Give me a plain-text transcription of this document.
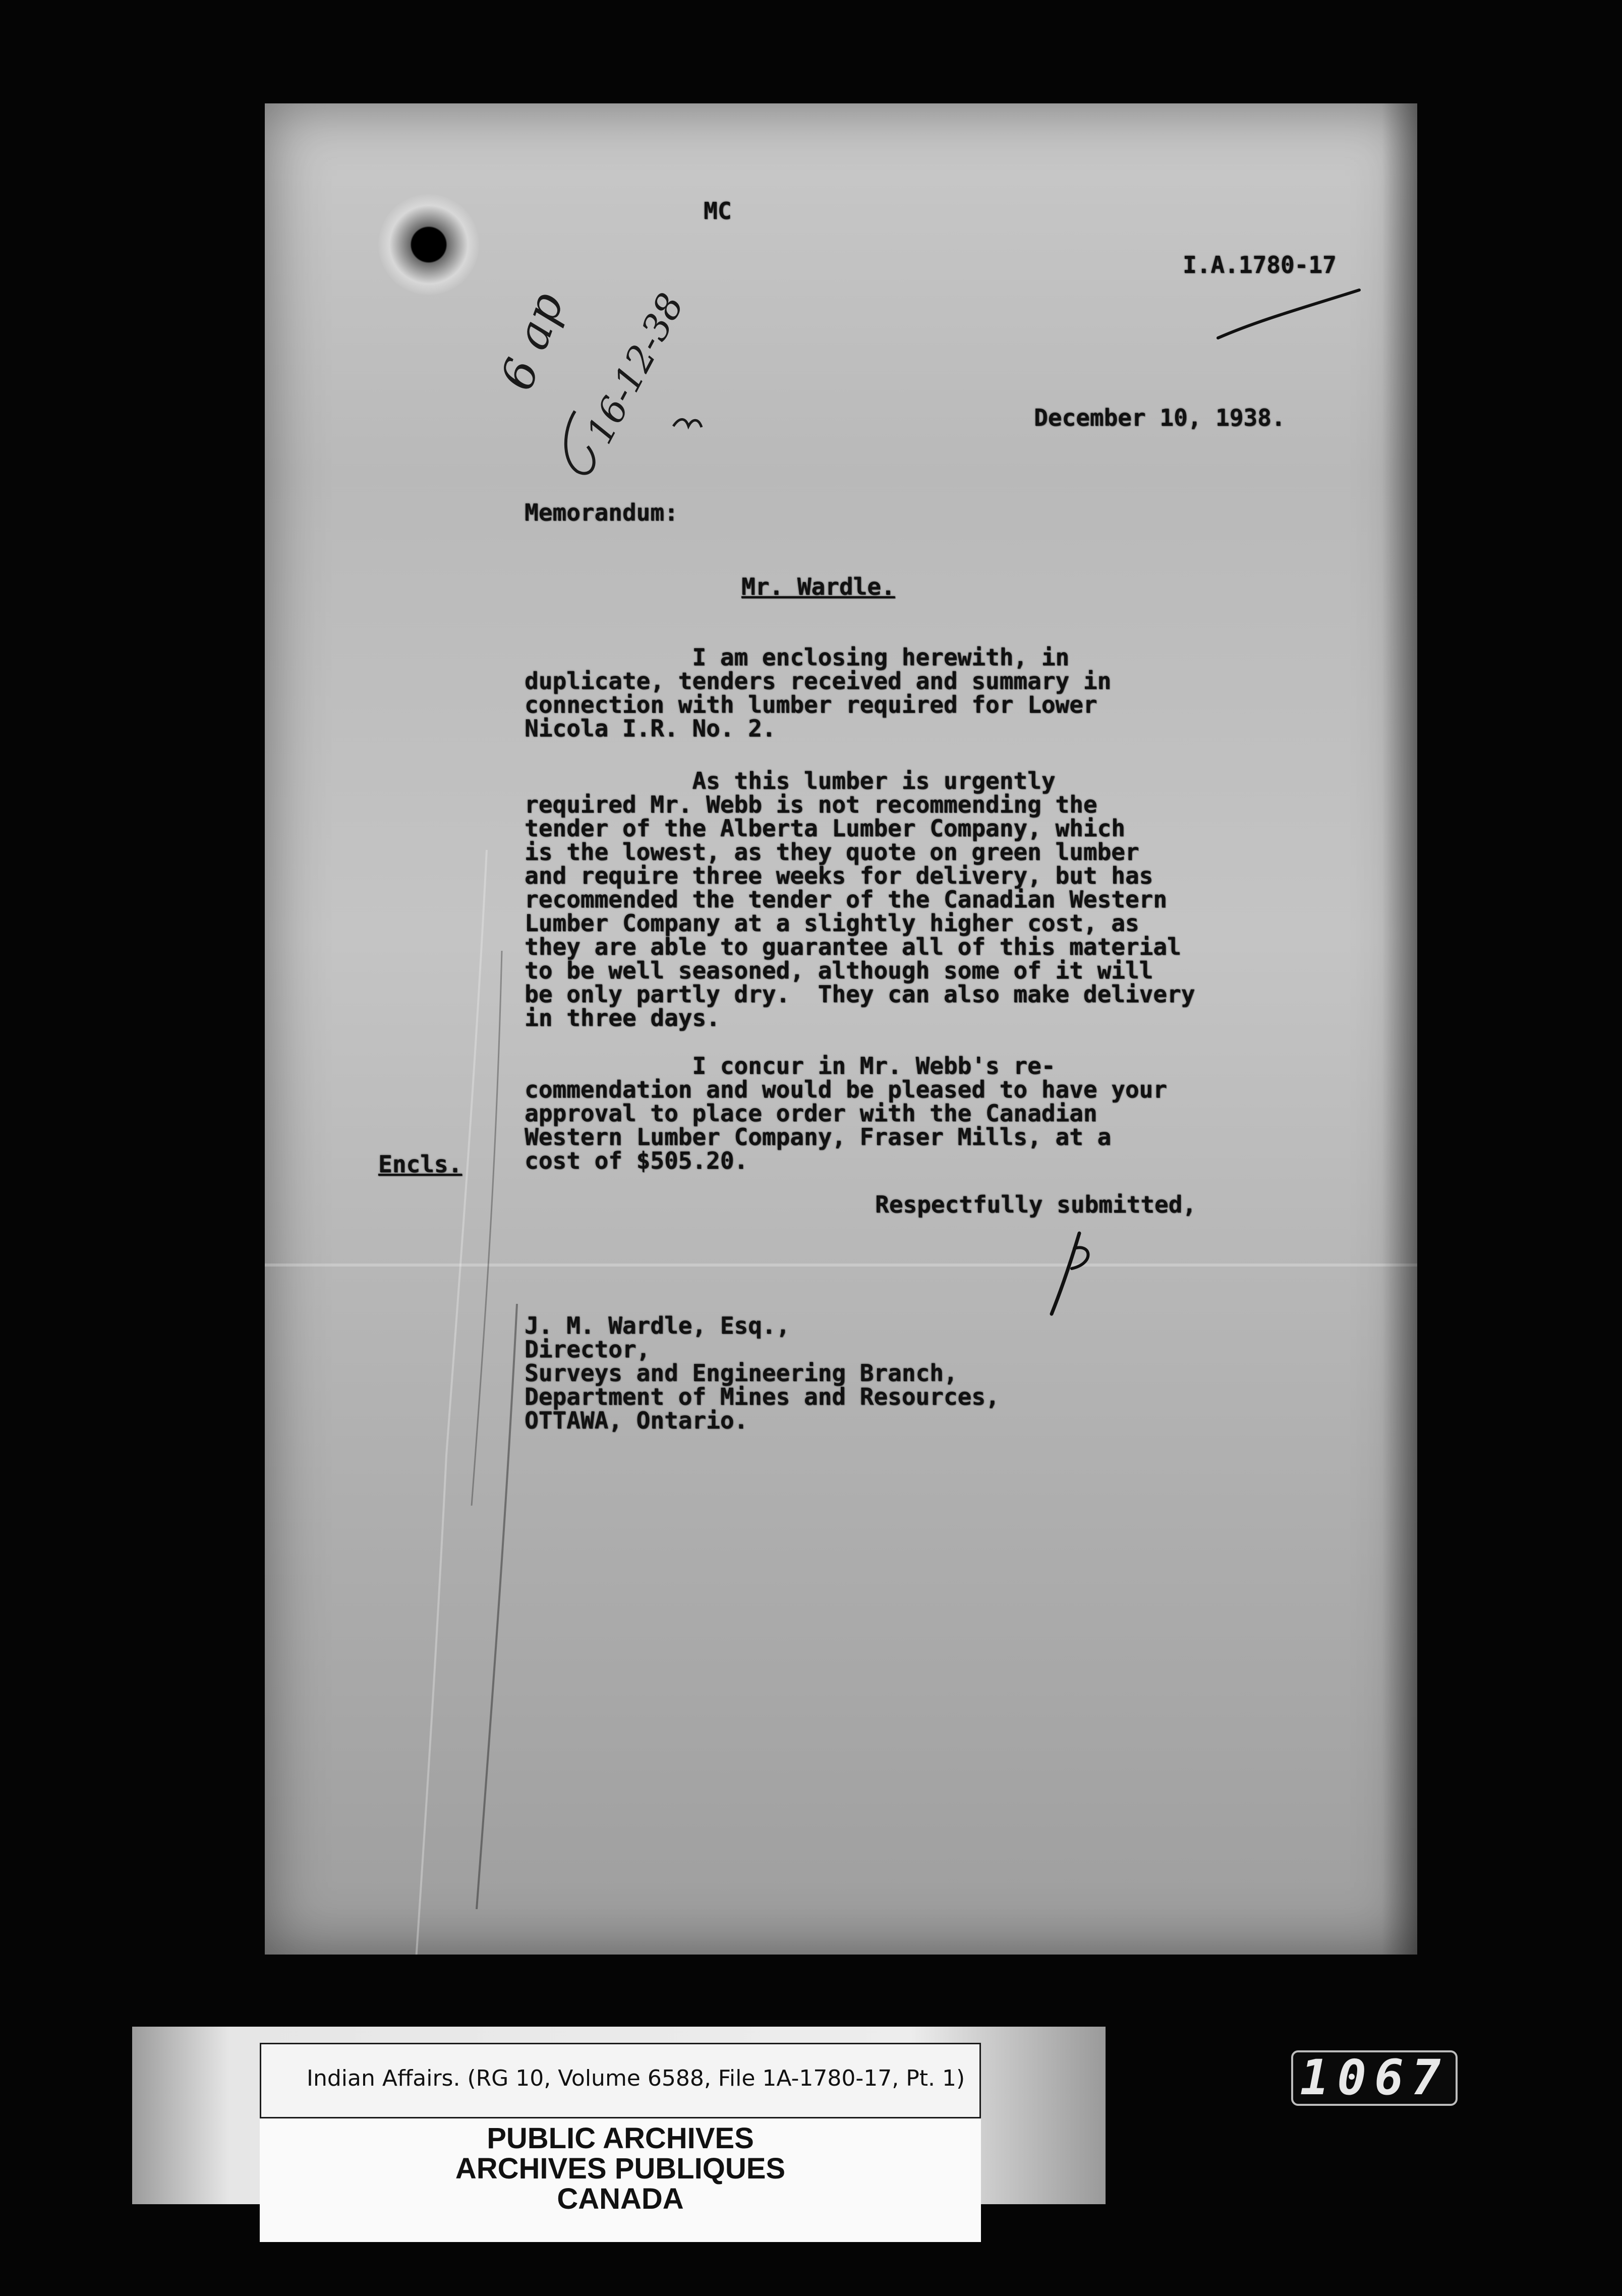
MC
I.A.1780-17
6 ap 16-12-38	December 10, 1938.
Memorandum:
Mr. Wardle.
I am enclosing herewith, in
duplicate, tenders received and summary in
connection with lumber required for Lower
Nicola I.R. No. 2.
As this lumber is urgently
required Mr. Webb is not recommending the
tender of the Alberta Lumber Company, which
is the lowest, as they quote on green lumber
and require three weeks for delivery, but has
recommended the tender of the Canadian Western
Lumber Company at a slightly higher cost, as
they are able to guarantee all of this material
to be well seasoned, although some of it will
be only partly dry.  They can also make delivery
in three days.
I concur in Mr. Webb's re-
commendation and would be pleased to have your
approval to place order with the Canadian
Western Lumber Company, Fraser Mills, at a
cost of $505.20.
Encls.
Respectfully submitted,
J. M. Wardle, Esq.,
Director,
Surveys and Engineering Branch,
Department of Mines and Resources,
OTTAWA, Ontario.
Indian Affairs. (RG 10, Volume 6588, File 1A-1780-17, Pt. 1)
PUBLIC ARCHIVES
ARCHIVES PUBLIQUES
CANADA
1067
